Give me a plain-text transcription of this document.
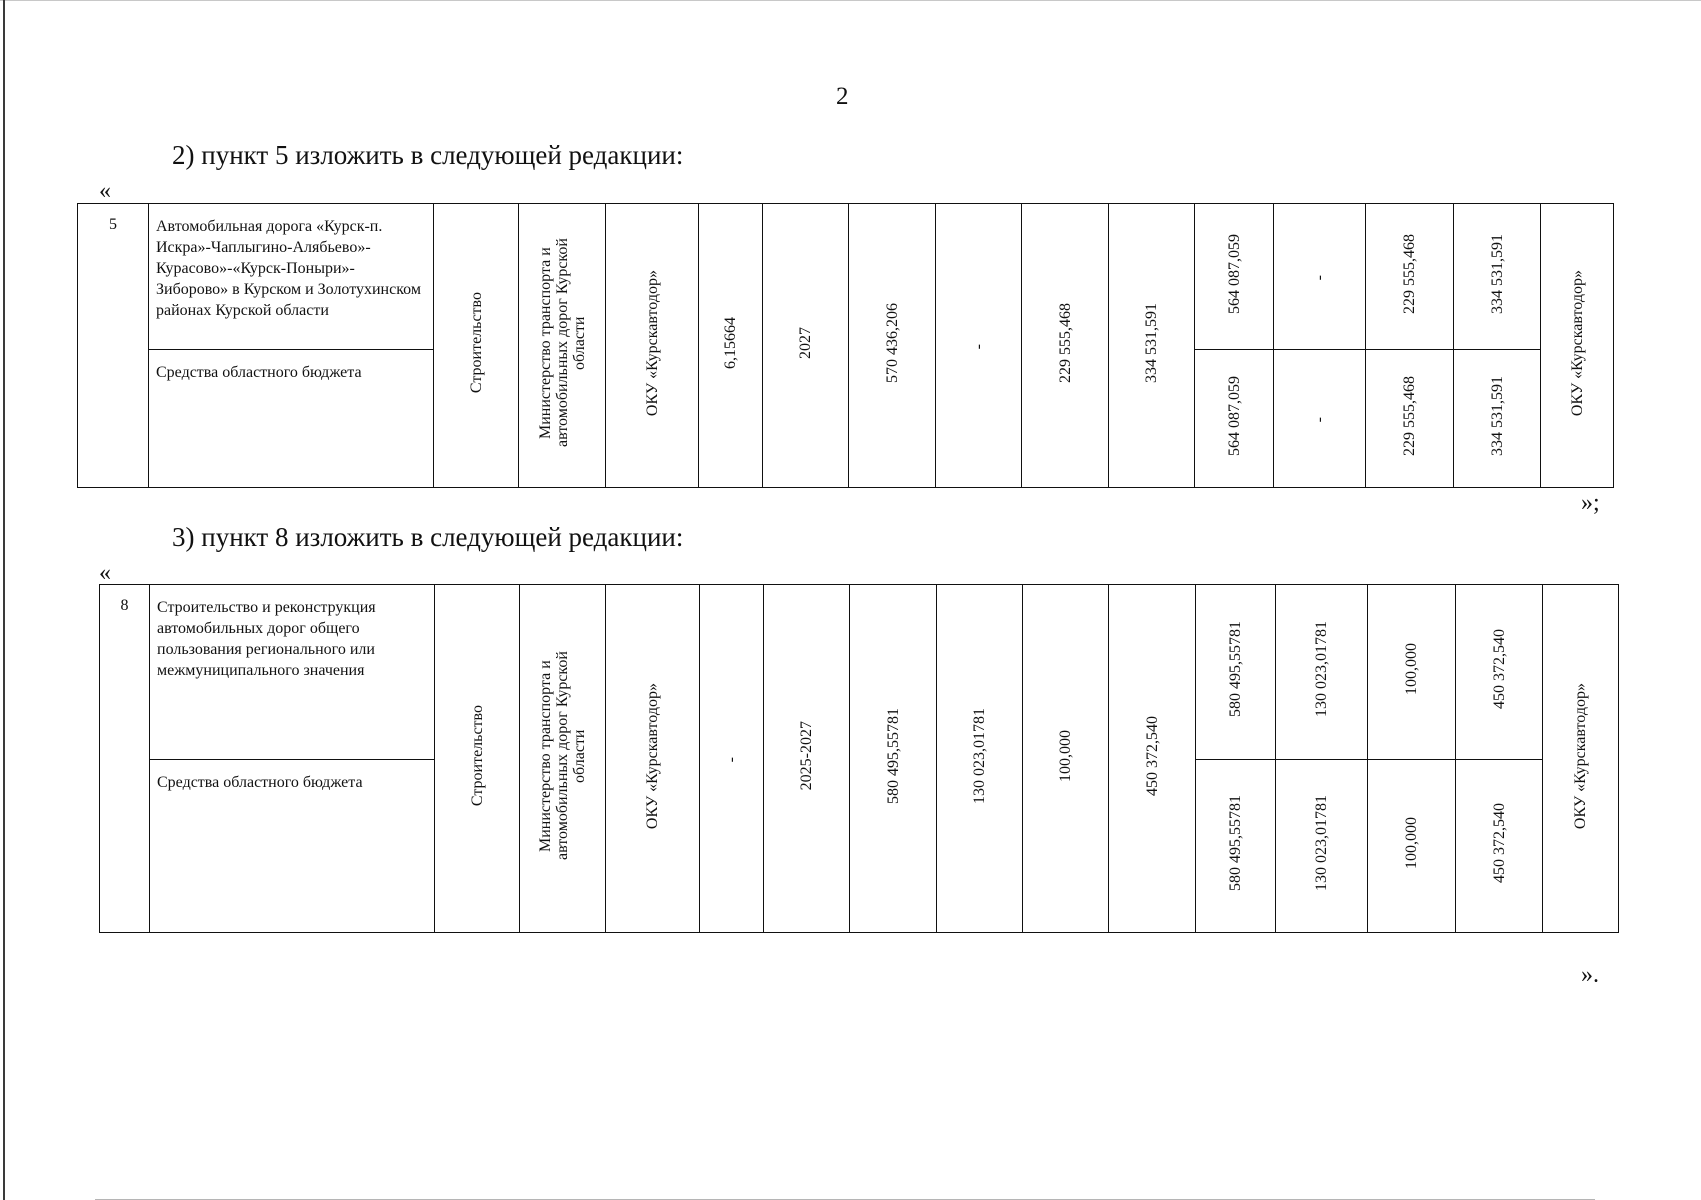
2
2) пункт 5 изложить в следующей редакции:
«
5	Автомобильная дорога «Курск-п. Искра»-Чаплыгино-Алябьево»-Курасово»-«Курск-Поныри»-Зиборово» в Курском и Золотухинском районах Курской области	Строительство	Министерство транспорта и автомобильных дорог Курской области	ОКУ «Курскавтодор»	6,15664	2027	570 436,206	-	229 555,468	334 531,591	564 087,059	-	229 555,468	334 531,591	ОКУ «Курскавтодор»
	Средства областного бюджета										564 087,059	-	229 555,468	334 531,591	
»;
3) пункт 8 изложить в следующей редакции:
«
8	Строительство и реконструкция автомобильных дорог общего пользования регионального или межмуниципального значения	Строительство	Министерство транспорта и автомобильных дорог Курской области	ОКУ «Курскавтодор»	-	2025-2027	580 495,55781	130 023,01781	100,000	450 372,540	580 495,55781	130 023,01781	100,000	450 372,540	ОКУ «Курскавтодор»
	Средства областного бюджета										580 495,55781	130 023,01781	100,000	450 372,540	
».
